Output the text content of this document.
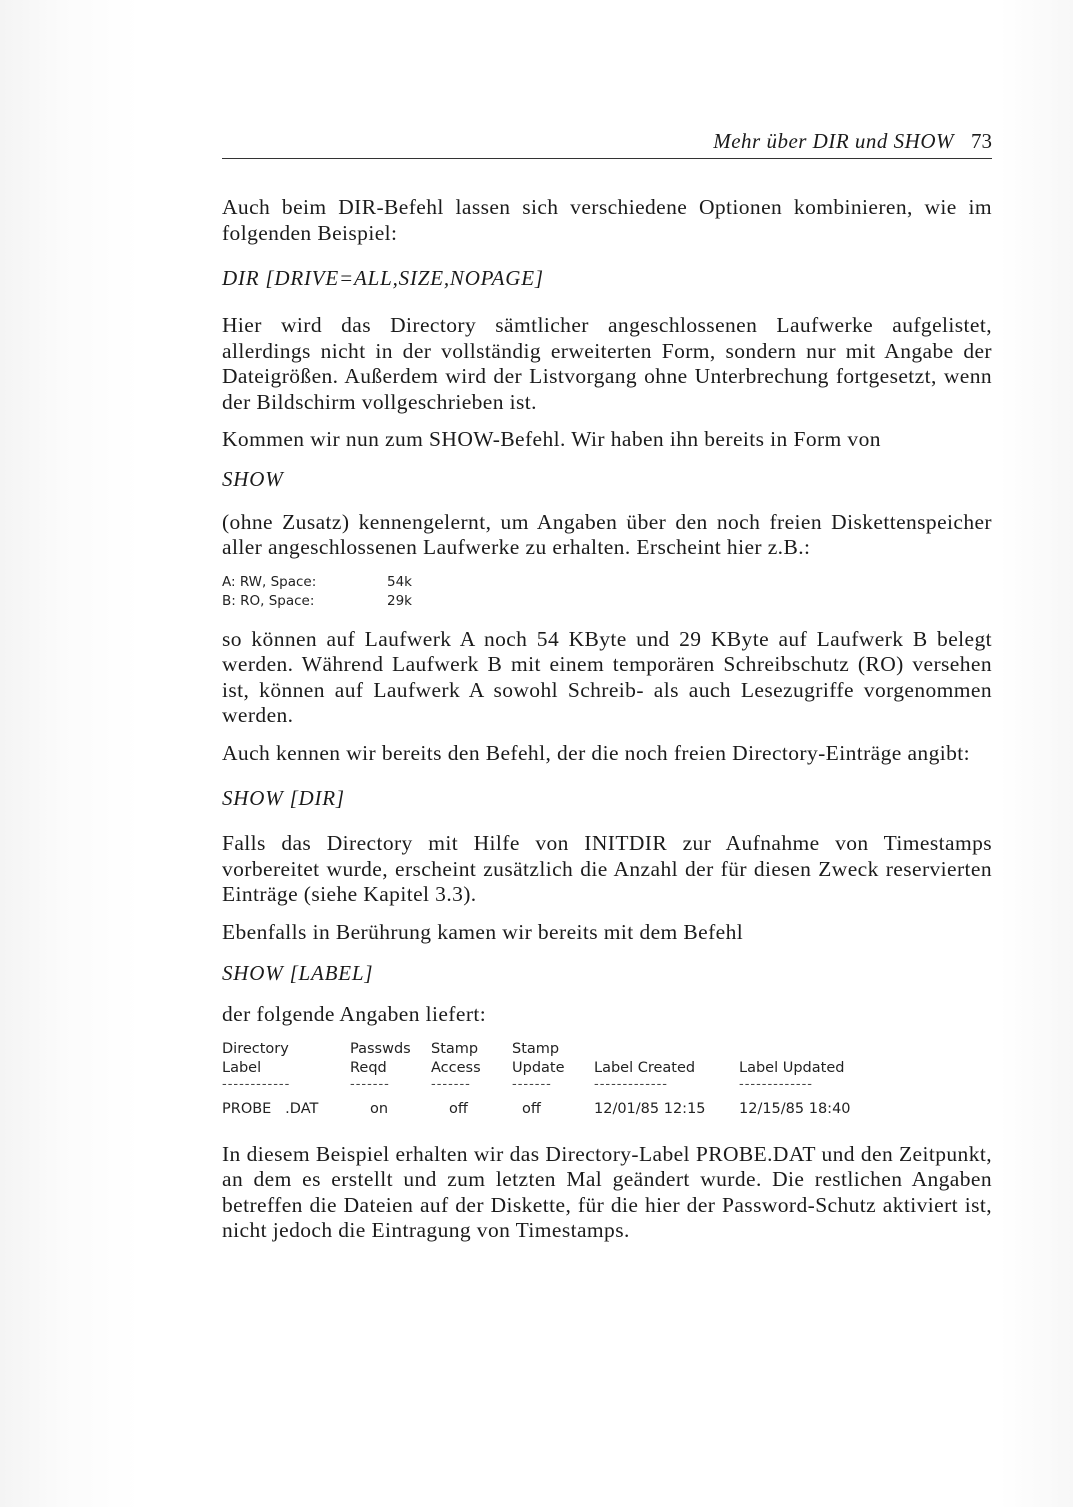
Mehr über DIR und SHOW 73

Auch beim DIR-Befehl lassen sich verschiedene Optionen kombinieren, wie im folgenden Beispiel:

DIR [DRIVE=ALL,SIZE,NOPAGE]

Hier wird das Directory sämtlicher angeschlossenen Laufwerke aufgelistet, allerdings nicht in der vollständig erweiterten Form, sondern nur mit Angabe der Dateigrößen. Außerdem wird der Listvorgang ohne Unterbrechung fortgesetzt, wenn der Bildschirm vollgeschrieben ist.

Kommen wir nun zum SHOW-Befehl. Wir haben ihn bereits in Form von

SHOW

(ohne Zusatz) kennengelernt, um Angaben über den noch freien Diskettenspeicher aller angeschlossenen Laufwerke zu erhalten. Erscheint hier z.B.:

A: RW, Space:	54k
B: RO, Space:	29k

so können auf Laufwerk A noch 54 KByte und 29 KByte auf Laufwerk B belegt werden. Während Laufwerk B mit einem temporären Schreibschutz (RO) versehen ist, können auf Laufwerk A sowohl Schreib- als auch Lesezugriffe vorgenommen werden.

Auch kennen wir bereits den Befehl, der die noch freien Directory-Einträge angibt:

SHOW [DIR]

Falls das Directory mit Hilfe von INITDIR zur Aufnahme von Timestamps vorbereitet wurde, erscheint zusätzlich die Anzahl der für diesen Zweck reservierten Einträge (siehe Kapitel 3.3).

Ebenfalls in Berührung kamen wir bereits mit dem Befehl

SHOW [LABEL]

der folgende Angaben liefert:

Directory	Passwds	Stamp	Stamp		
Label	Reqd	Access	Update	Label Created	Label Updated
------------	-------	-------	-------	-------------	-------------
PROBE   .DAT	on	off	off	12/01/85 12:15	12/15/85 18:40

In diesem Beispiel erhalten wir das Directory-Label PROBE.DAT und den Zeitpunkt, an dem es erstellt und zum letzten Mal geändert wurde. Die restlichen Angaben betreffen die Dateien auf der Diskette, für die hier der Password-Schutz aktiviert ist, nicht jedoch die Eintragung von Timestamps.
